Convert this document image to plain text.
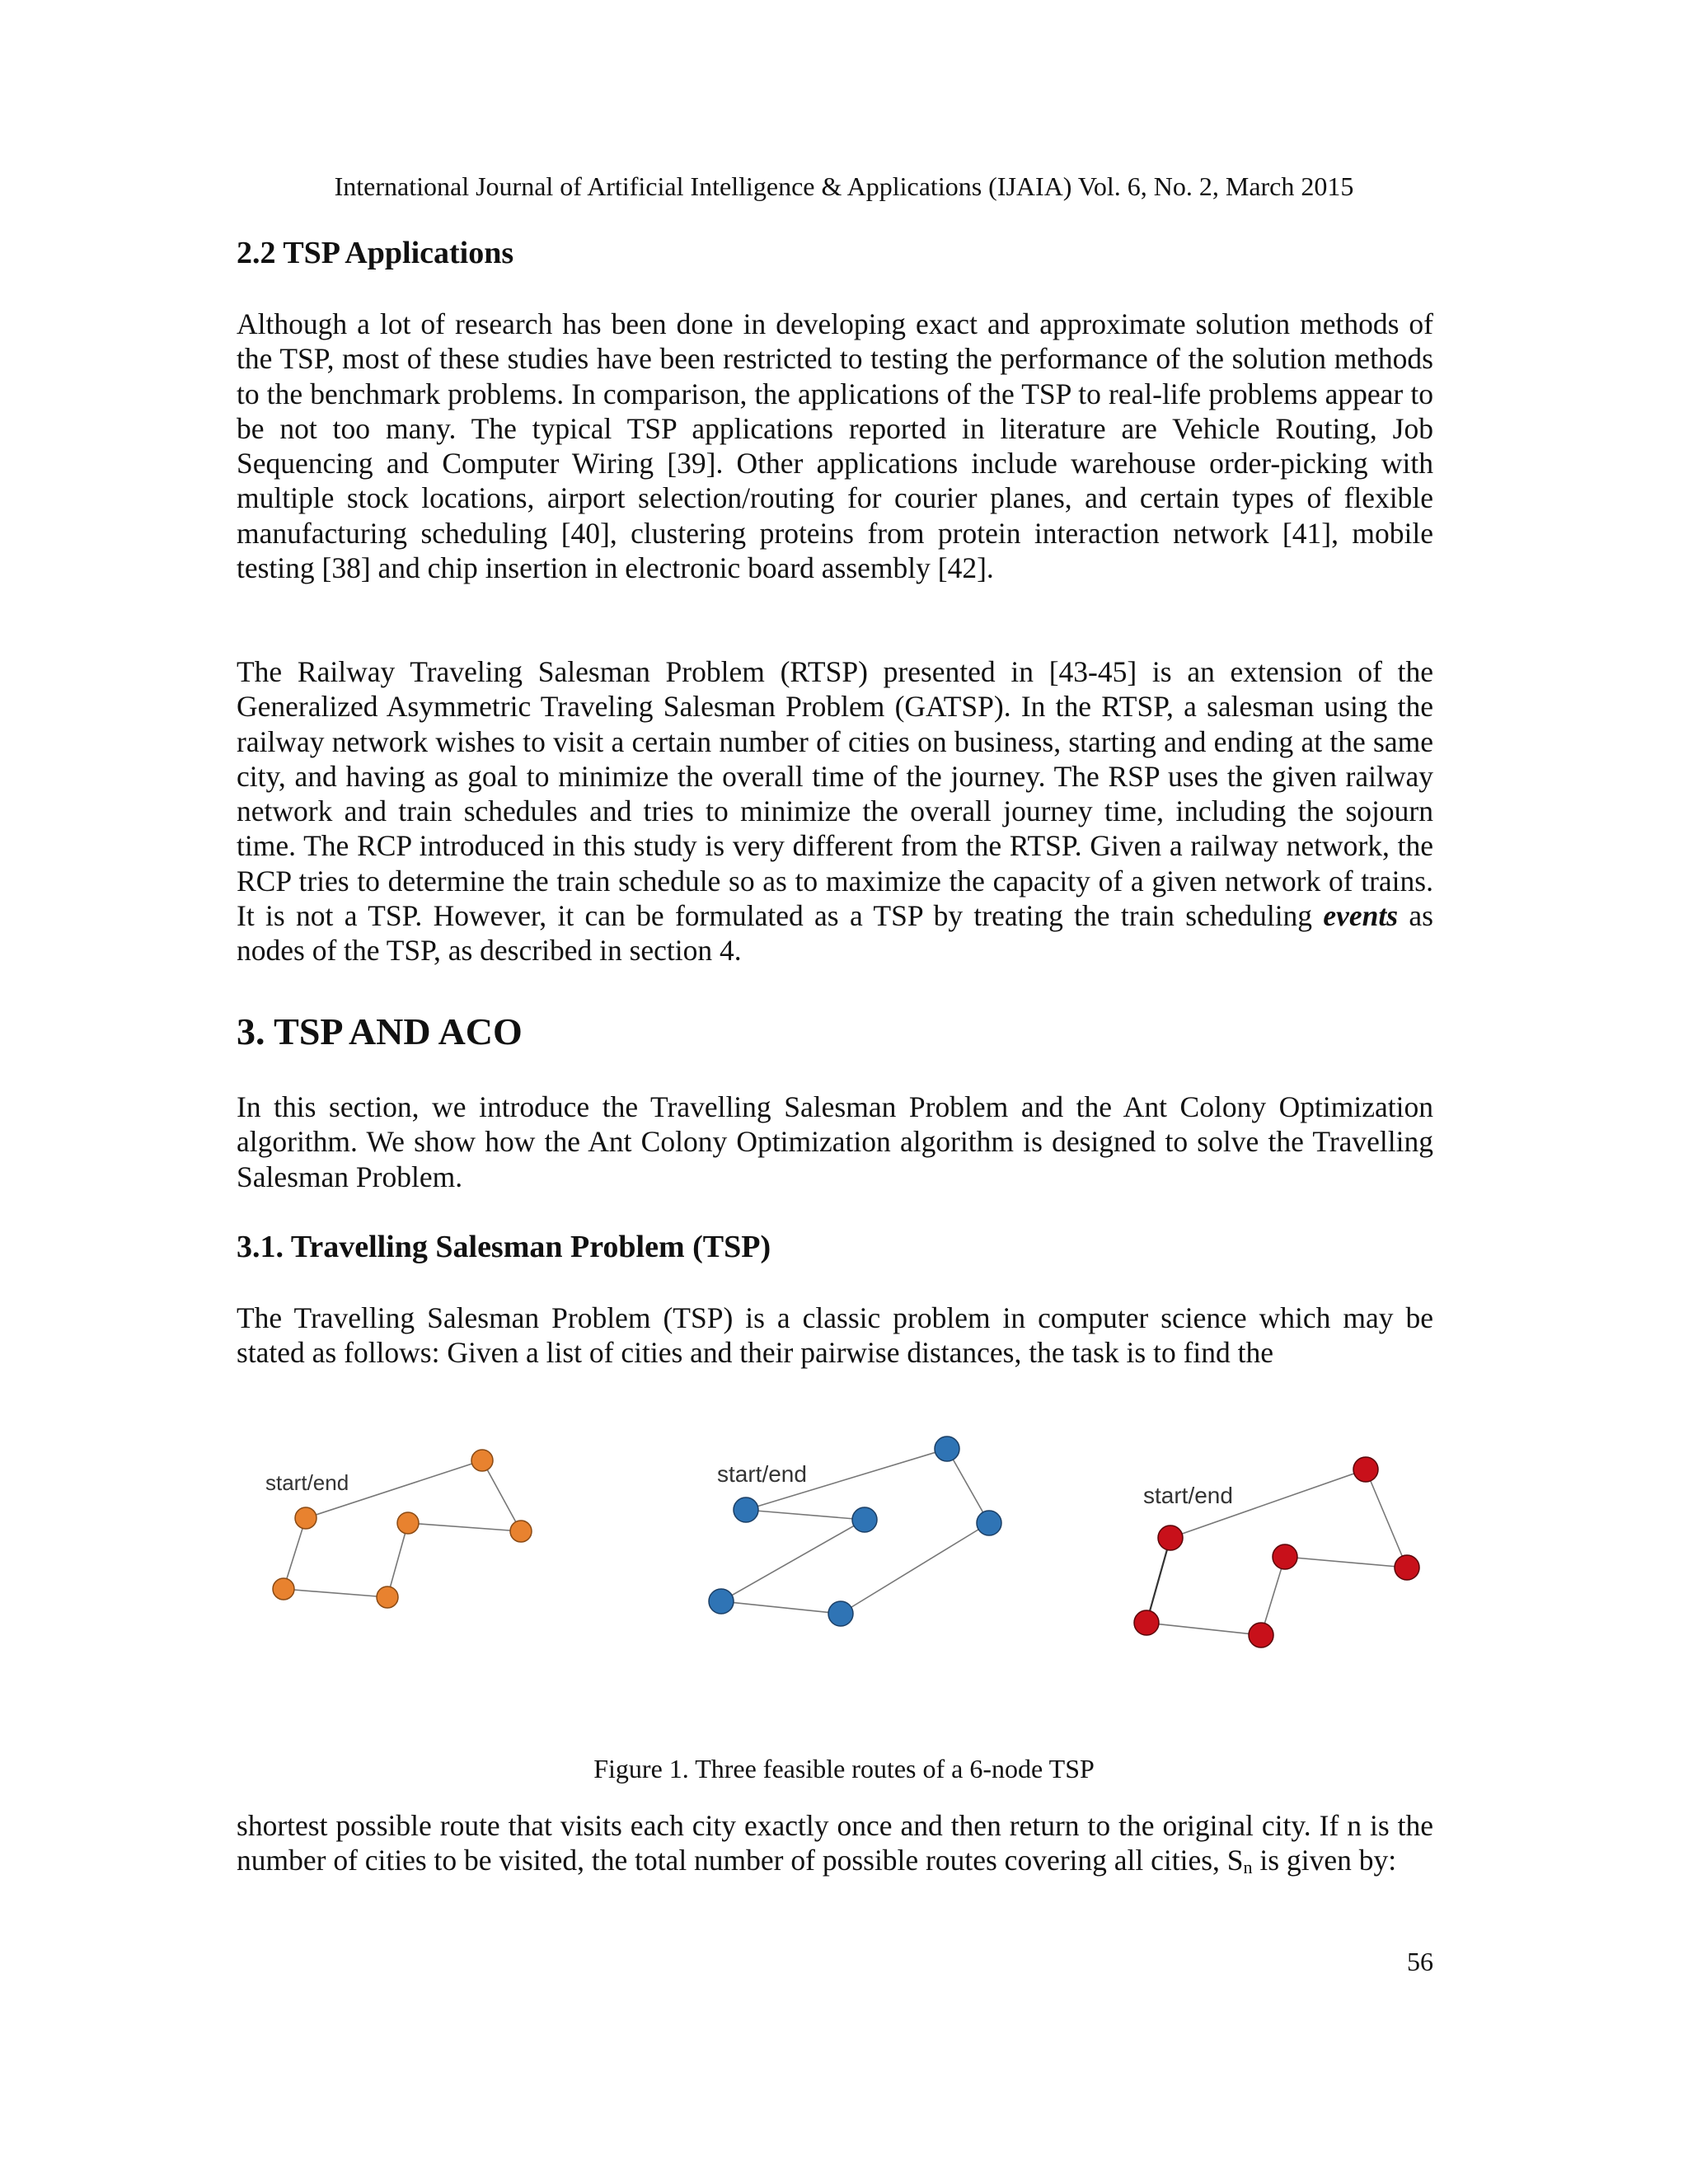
International Journal of Artificial Intelligence & Applications (IJAIA) Vol. 6, No. 2, March 2015
2.2 TSP Applications

Although a lot of research has been done in developing exact and approximate solution methods of the TSP, most of these studies have been restricted to testing the performance of the solution methods to the benchmark problems. In comparison, the applications of the TSP to real-life problems appear to be not too many. The typical TSP applications reported in literature are Vehicle Routing, Job Sequencing and Computer Wiring [39]. Other applications include warehouse order-picking with multiple stock locations, airport selection/routing for courier planes, and certain types of flexible manufacturing scheduling [40], clustering proteins from protein interaction network [41], mobile testing [38] and chip insertion in electronic board assembly [42].

The Railway Traveling Salesman Problem (RTSP) presented in [43-45] is an extension of the Generalized Asymmetric Traveling Salesman Problem (GATSP). In the RTSP, a salesman using the railway network wishes to visit a certain number of cities on business, starting and ending at the same city, and having as goal to minimize the overall time of the journey. The RSP uses the given railway network and train schedules and tries to minimize the overall journey time, including the sojourn time. The RCP introduced in this study is very different from the RTSP. Given a railway network, the RCP tries to determine the train schedule so as to maximize the capacity of a given network of trains. It is not a TSP. However, it can be formulated as a TSP by treating the train scheduling events as nodes of the TSP, as described in section 4.

3. TSP AND ACO

In this section, we introduce the Travelling Salesman Problem and the Ant Colony Optimization algorithm. We show how the Ant Colony Optimization algorithm is designed to solve the Travelling Salesman Problem.

3.1. Travelling Salesman Problem (TSP)

The Travelling Salesman Problem (TSP) is a classic problem in computer science which may be stated as follows: Given a list of cities and their pairwise distances, the task is to find the

start/end	start/end
start/end
Figure 1. Three feasible routes of a 6-node TSP

shortest possible route that visits each city exactly once and then return to the original city. If n is the number of cities to be visited, the total number of possible routes covering all cities, Sn is given by:

56
